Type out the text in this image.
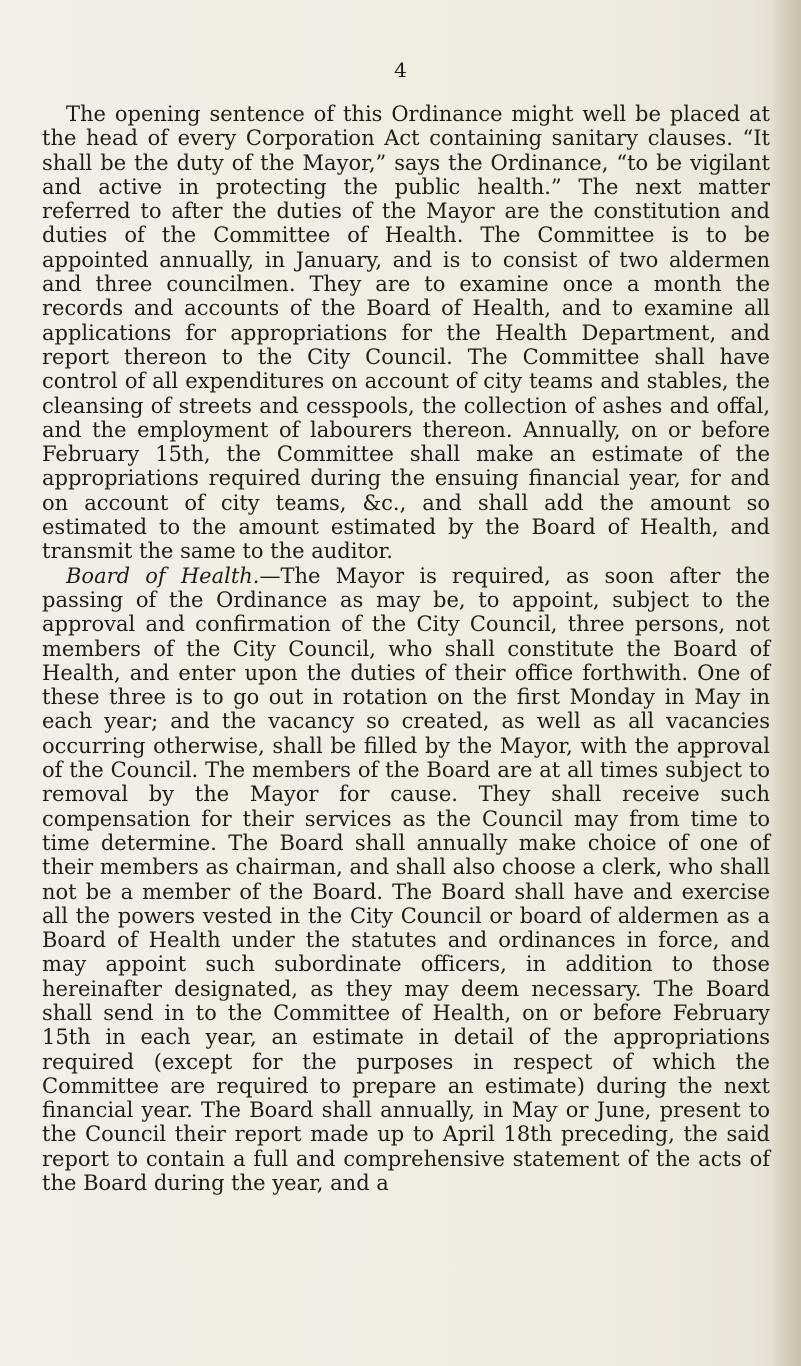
4

The opening sentence of this Ordinance might well be placed at the head of every Corporation Act containing sanitary clauses. “It shall be the duty of the Mayor,” says the Ordinance, “to be vigilant and active in protecting the public health.” The next matter referred to after the duties of the Mayor are the constitution and duties of the Committee of Health. The Committee is to be appointed annually, in January, and is to consist of two aldermen and three councilmen. They are to examine once a month the records and accounts of the Board of Health, and to examine all applications for appropriations for the Health Department, and report thereon to the City Council. The Committee shall have control of all expenditures on account of city teams and stables, the cleansing of streets and cesspools, the collection of ashes and offal, and the employment of labourers thereon. Annually, on or before February 15th, the Committee shall make an estimate of the appropriations required during the ensuing financial year, for and on account of city teams, &c., and shall add the amount so estimated to the amount estimated by the Board of Health, and transmit the same to the auditor.

Board of Health.—The Mayor is required, as soon after the passing of the Ordinance as may be, to appoint, subject to the approval and confirmation of the City Council, three persons, not members of the City Council, who shall constitute the Board of Health, and enter upon the duties of their office forthwith. One of these three is to go out in rotation on the first Monday in May in each year; and the vacancy so created, as well as all vacancies occurring otherwise, shall be filled by the Mayor, with the approval of the Council. The members of the Board are at all times subject to removal by the Mayor for cause. They shall receive such compensation for their services as the Council may from time to time determine. The Board shall annually make choice of one of their members as chairman, and shall also choose a clerk, who shall not be a member of the Board. The Board shall have and exercise all the powers vested in the City Council or board of aldermen as a Board of Health under the statutes and ordinances in force, and may appoint such subordinate officers, in addition to those hereinafter designated, as they may deem necessary. The Board shall send in to the Committee of Health, on or before February 15th in each year, an estimate in detail of the appropriations required (except for the purposes in respect of which the Committee are required to prepare an estimate) during the next financial year. The Board shall annually, in May or June, present to the Council their report made up to April 18th preceding, the said report to contain a full and comprehensive statement of the acts of the Board during the year, and a
